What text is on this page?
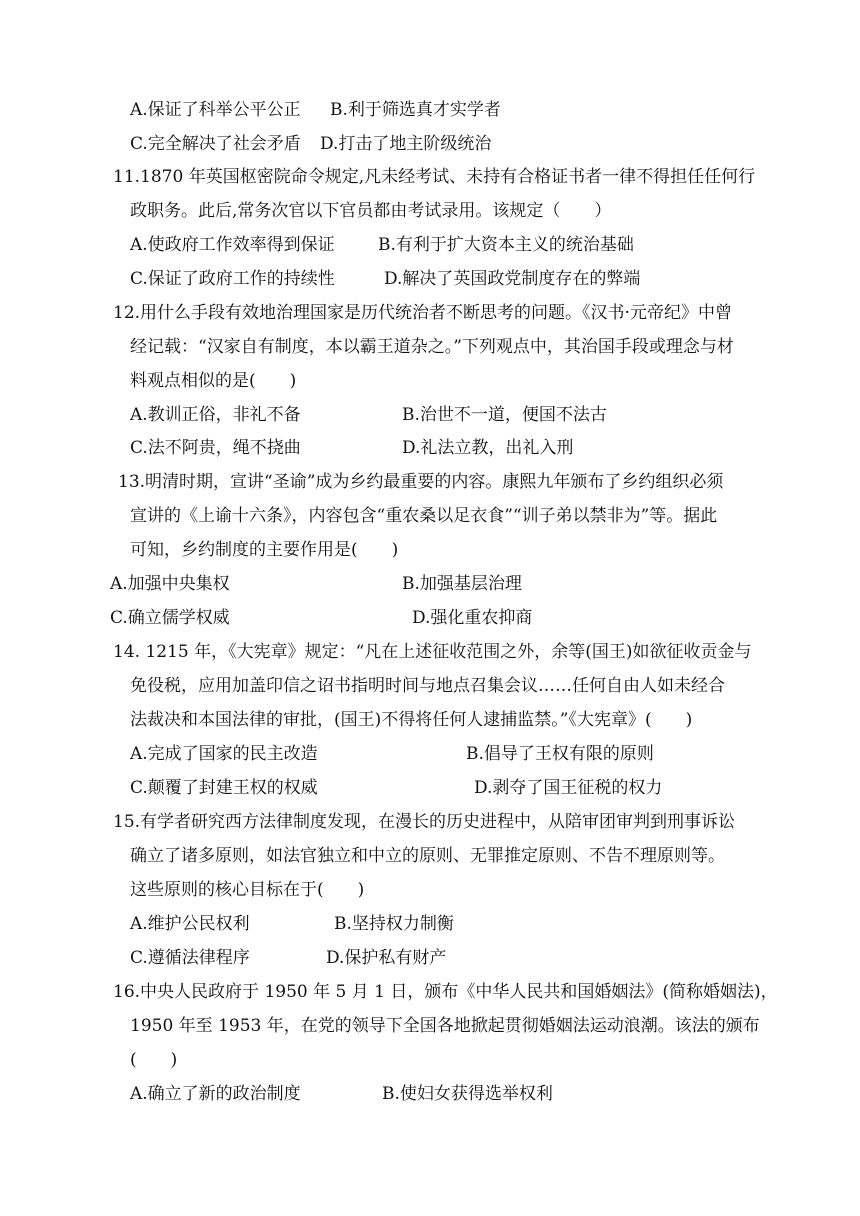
A.保证了科举公平公正 B.利于筛选真才实学者
C.完全解决了社会矛盾 D.打击了地主阶级统治
11.1870 年英国枢密院命令规定,凡未经考试、未持有合格证书者一律不得担任任何行
政职务。此后,常务次官以下官员都由考试录用。该规定（　　）
A.使政府工作效率得到保证	B.有利于扩大资本主义的统治基础
C.保证了政府工作的持续性	D.解决了英国政党制度存在的弊端
12.用什么手段有效地治理国家是历代统治者不断思考的问题。《汉书·元帝纪》中曾
经记载：“汉家自有制度，本以霸王道杂之。”下列观点中，其治国手段或理念与材
料观点相似的是(　　)
A.教训正俗，非礼不备	B.治世不一道，便国不法古
C.法不阿贵，绳不挠曲	D.礼法立教，出礼入刑
13.明清时期，宣讲“圣谕”成为乡约最重要的内容。康熙九年颁布了乡约组织必须
宣讲的《上谕十六条》，内容包含“重农桑以足衣食”“训子弟以禁非为”等。据此
可知，乡约制度的主要作用是(　　)
A.加强中央集权	B.加强基层治理
C.确立儒学权威	D.强化重农抑商
14. 1215 年，《大宪章》规定：“凡在上述征收范围之外，余等(国王)如欲征收贡金与
免役税，应用加盖印信之诏书指明时间与地点召集会议……任何自由人如未经合
法裁决和本国法律的审批，(国王)不得将任何人逮捕监禁。”《大宪章》(　　)
A.完成了国家的民主改造	B.倡导了王权有限的原则
C.颠覆了封建王权的权威	D.剥夺了国王征税的权力
15.有学者研究西方法律制度发现，在漫长的历史进程中，从陪审团审判到刑事诉讼
确立了诸多原则，如法官独立和中立的原则、无罪推定原则、不告不理原则等。
这些原则的核心目标在于(　　)
A.维护公民权利	B.坚持权力制衡
C.遵循法律程序	D.保护私有财产
16.中央人民政府于 1950 年 5 月 1 日，颁布《中华人民共和国婚姻法》(简称婚姻法)，
1950 年至 1953 年，在党的领导下全国各地掀起贯彻婚姻法运动浪潮。该法的颁布
(　　)
A.确立了新的政治制度	B.使妇女获得选举权利
